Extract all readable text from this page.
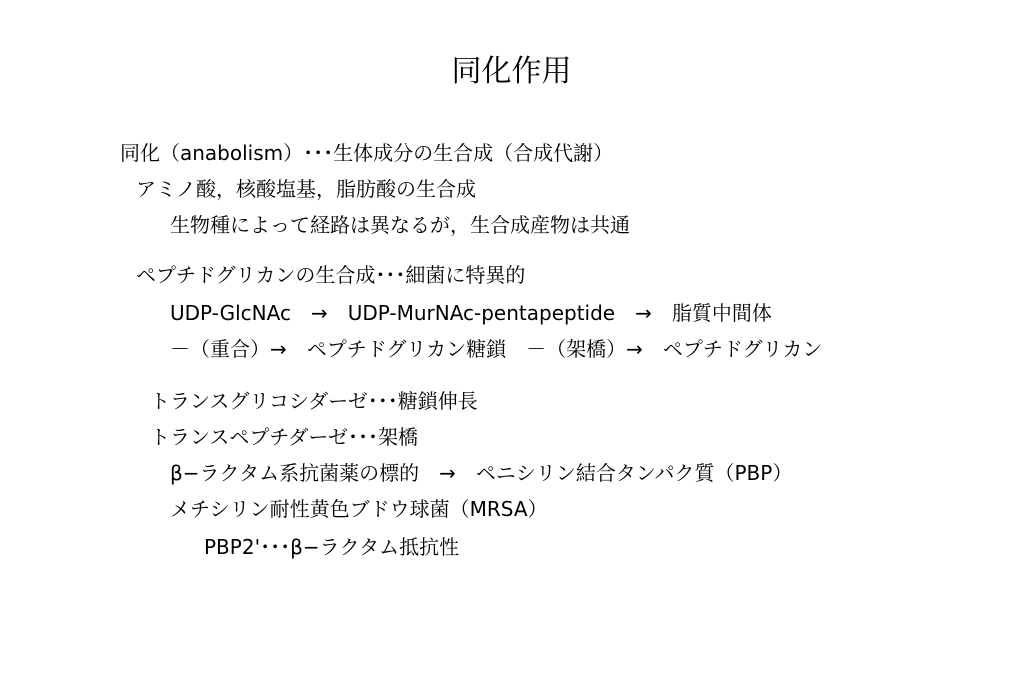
同化作用
同化（anabolism）･･･生体成分の生合成（合成代謝）
アミノ酸，核酸塩基，脂肪酸の生合成
生物種によって経路は異なるが，生合成産物は共通
ペプチドグリカンの生合成･･･細菌に特異的
UDP-GlcNAc　→　UDP-MurNAc-pentapeptide　→　脂質中間体
－（重合）→　ペプチドグリカン糖鎖　－（架橋）→　ペプチドグリカン
トランスグリコシダーゼ･･･糖鎖伸長
トランスペプチダーゼ･･･架橋
β−ラクタム系抗菌薬の標的　→　ペニシリン結合タンパク質（PBP）
メチシリン耐性黄色ブドウ球菌（MRSA）
PBP2'･･･β−ラクタム抵抗性
